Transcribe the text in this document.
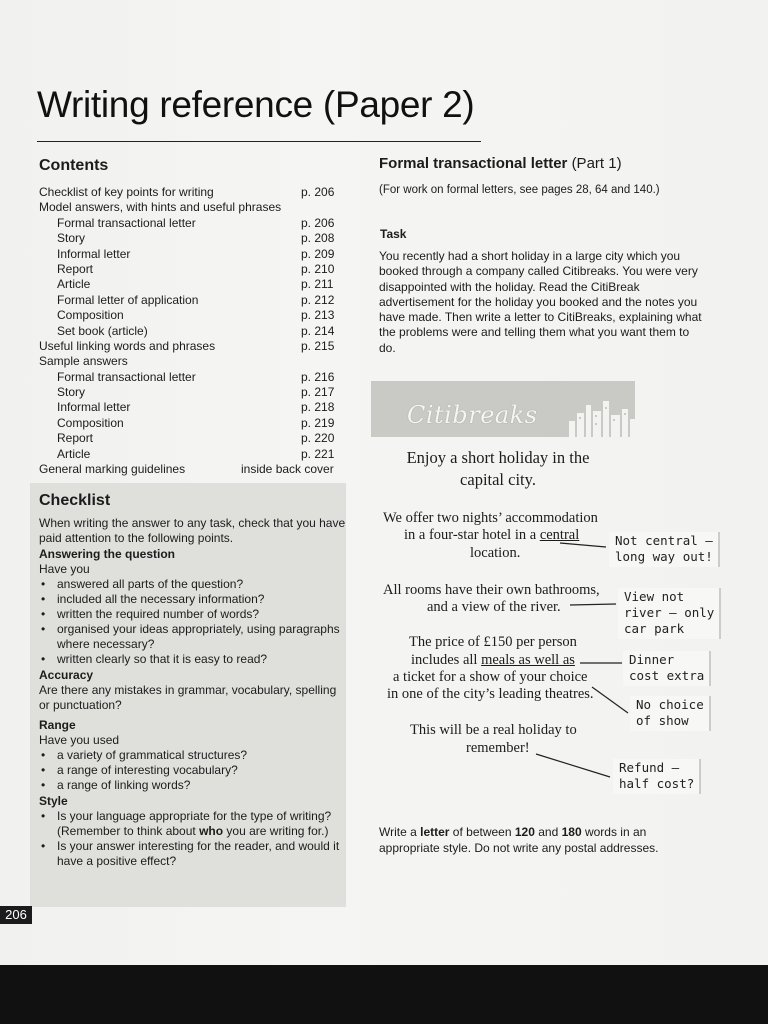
Writing reference (Paper 2)
Contents
Checklist of key points for writing	p. 206
Model answers, with hints and useful phrases
Formal transactional letter	p. 206
Story	p. 208
Informal letter	p. 209
Report	p. 210
Article	p. 211
Formal letter of application	p. 212
Composition	p. 213
Set book (article)	p. 214
Useful linking words and phrases	p. 215
Sample answers
Formal transactional letter	p. 216
Story	p. 217
Informal letter	p. 218
Composition	p. 219
Report	p. 220
Article	p. 221
General marking guidelines	inside back cover
Checklist

When writing the answer to any task, check that you have paid attention to the following points.

Answering the question

Have you

• answered all parts of the question?
• included all the necessary information?
• written the required number of words?
• organised your ideas appropriately, using paragraphs where necessary?
• written clearly so that it is easy to read?
Accuracy

Are there any mistakes in grammar, vocabulary, spelling or punctuation?

Range

Have you used

• a variety of grammatical structures?
• a range of interesting vocabulary?
• a range of linking words?
Style
• Is your language appropriate for the type of writing? (Remember to think about who you are writing for.)
• Is your answer interesting for the reader, and would it have a positive effect?
206
Formal transactional letter (Part 1)
(For work on formal letters, see pages 28, 64 and 140.)
Task

You recently had a short holiday in a large city which you booked through a company called Citibreaks. You were very disappointed with the holiday. Read the CitiBreak advertisement for the holiday you booked and the notes you have made. Then write a letter to CitiBreaks, explaining what the problems were and telling them what you want them to do.

Citibreaks

Enjoy a short holiday in the capital city.

We offer two nights’ accommodation
in a four-star hotel in a central
location.
All rooms have their own bathrooms,
and a view of the river.
The price of £150 per person
includes all meals as well as
a ticket for a show of your choice
in one of the city’s leading theatres.
This will be a real holiday to
remember!
Not central –
long way out!
View not
river – only
car park
Dinner
cost extra
No choice
of show
Refund –
half cost?

Write a letter of between 120 and 180 words in an appropriate style. Do not write any postal addresses.
